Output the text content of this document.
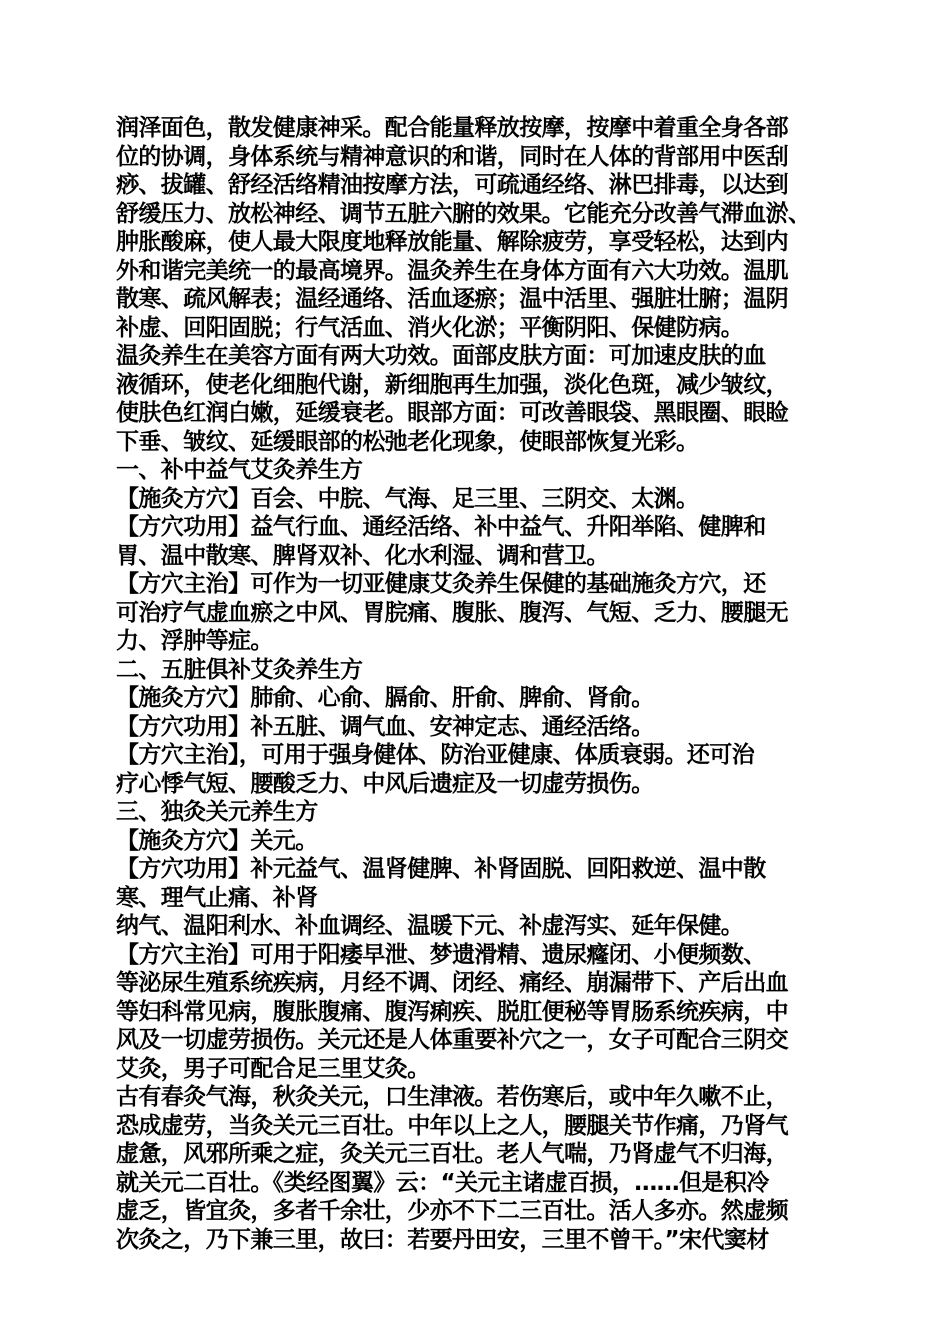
润泽面色，散发健康神采。配合能量释放按摩，按摩中着重全身各部
位的协调，身体系统与精神意识的和谐，同时在人体的背部用中医刮
痧、拔罐、舒经活络精油按摩方法，可疏通经络、淋巴排毒，以达到
舒缓压力、放松神经、调节五脏六腑的效果。它能充分改善气滞血淤、
肿胀酸麻，使人最大限度地释放能量、解除疲劳，享受轻松，达到内
外和谐完美统一的最高境界。温灸养生在身体方面有六大功效。温肌
散寒、疏风解表；温经通络、活血逐瘀；温中活里、强脏壮腑；温阴
补虚、回阳固脱；行气活血、消火化淤；平衡阴阳、保健防病。
温灸养生在美容方面有两大功效。面部皮肤方面：可加速皮肤的血
液循环，使老化细胞代谢，新细胞再生加强，淡化色斑，减少皱纹，
使肤色红润白嫩，延缓衰老。眼部方面：可改善眼袋、黑眼圈、眼睑
下垂、皱纹、延缓眼部的松弛老化现象，使眼部恢复光彩。
一、补中益气艾灸养生方
【施灸方穴】百会、中脘、气海、足三里、三阴交、太渊。
【方穴功用】益气行血、通经活络、补中益气、升阳举陷、健脾和
胃、温中散寒、脾肾双补、化水利湿、调和营卫。
【方穴主治】可作为一切亚健康艾灸养生保健的基础施灸方穴，还
可治疗气虚血瘀之中风、胃脘痛、腹胀、腹泻、气短、乏力、腰腿无
力、浮肿等症。
二、五脏俱补艾灸养生方
【施灸方穴】肺俞、心俞、膈俞、肝俞、脾俞、肾俞。
【方穴功用】补五脏、调气血、安神定志、通经活络。
【方穴主治】，可用于强身健体、防治亚健康、体质衰弱。还可治
疗心悸气短、腰酸乏力、中风后遗症及一切虚劳损伤。
三、独灸关元养生方
【施灸方穴】关元。
【方穴功用】补元益气、温肾健脾、补肾固脱、回阳救逆、温中散
寒、理气止痛、补肾
纳气、温阳利水、补血调经、温暖下元、补虚泻实、延年保健。
【方穴主治】可用于阳痿早泄、梦遗滑精、遗尿癃闭、小便频数、
等泌尿生殖系统疾病，月经不调、闭经、痛经、崩漏带下、产后出血
等妇科常见病，腹胀腹痛、腹泻痢疾、脱肛便秘等胃肠系统疾病，中
风及一切虚劳损伤。关元还是人体重要补穴之一，女子可配合三阴交
艾灸，男子可配合足三里艾灸。
古有春灸气海，秋灸关元，口生津液。若伤寒后，或中年久嗽不止，
恐成虚劳，当灸关元三百壮。中年以上之人，腰腿关节作痛，乃肾气
虚惫，风邪所乘之症，灸关元三百壮。老人气喘，乃肾虚气不归海，
就关元二百壮。《类经图翼》云：“关元主诸虚百损，……但是积冷
虚乏，皆宜灸，多者千余壮，少亦不下二三百壮。活人多亦。然虚频
次灸之，乃下兼三里，故曰：若要丹田安，三里不曾干。”宋代窦材
